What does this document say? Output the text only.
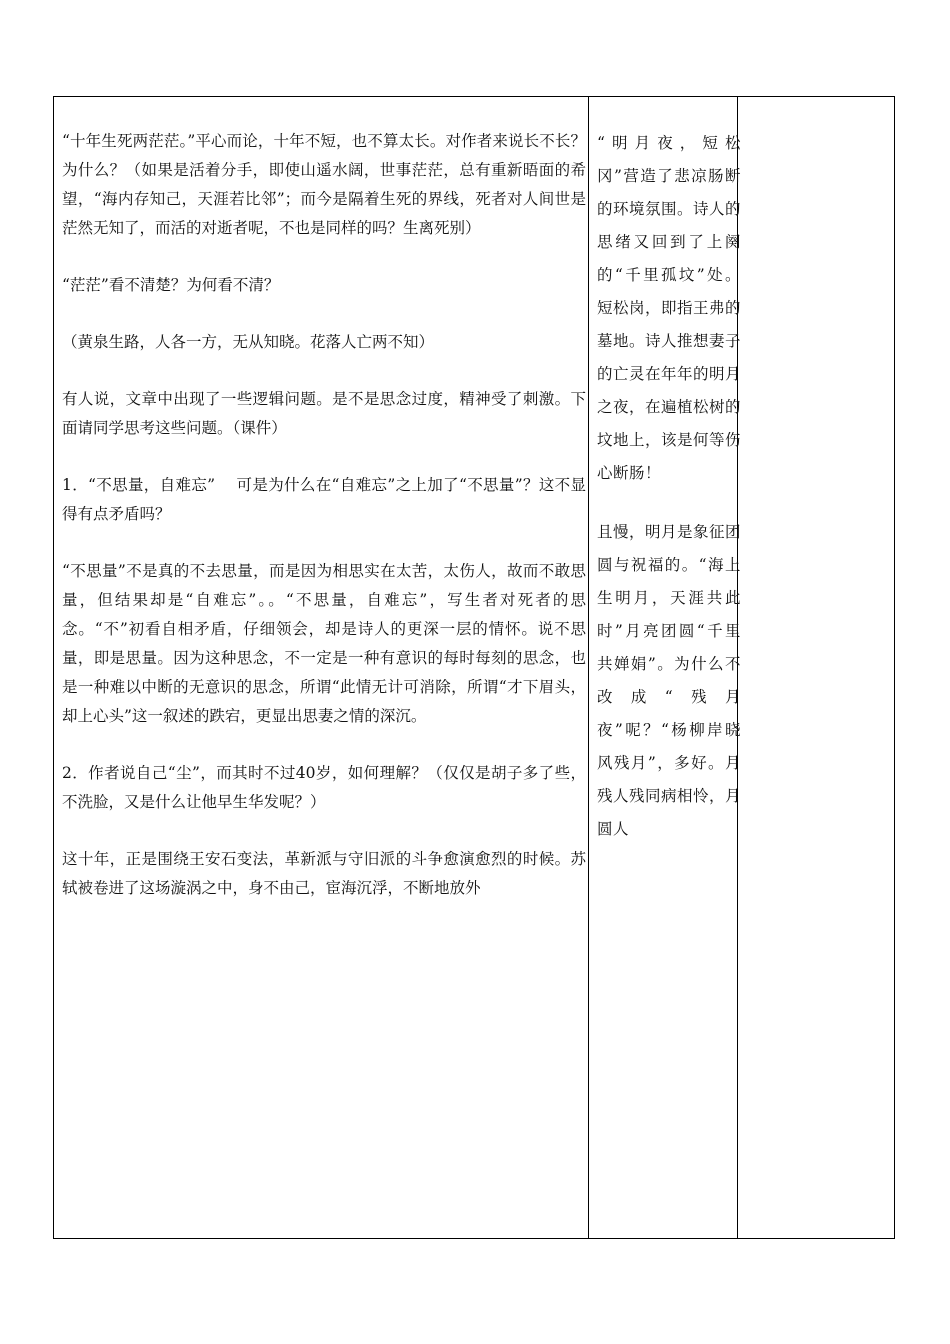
“十年生死两茫茫。”平心而论，十年不短，也不算太长。对作者来说长不长？为什么？（如果是活着分手，即使山遥水阔，世事茫茫，总有重新晤面的希望，“海内存知己，天涯若比邻”；而今是隔着生死的界线，死者对人间世是茫然无知了，而活的对逝者呢，不也是同样的吗？生离死别）

“茫茫”看不清楚？为何看不清？

（黄泉生路，人各一方，无从知晓。花落人亡两不知）

有人说，文章中出现了一些逻辑问题。是不是思念过度，精神受了刺激。下面请同学思考这些问题。（课件）

1．“不思量，自难忘”　 可是为什么在“自难忘”之上加了“不思量”？这不显得有点矛盾吗？

“不思量”不是真的不去思量，而是因为相思实在太苦，太伤人，故而不敢思量，但结果却是“自难忘”。。“不思量，自难忘”，写生者对死者的思念。“不”初看自相矛盾，仔细领会，却是诗人的更深一层的情怀。说不思量，即是思量。因为这种思念，不一定是一种有意识的每时每刻的思念，也是一种难以中断的无意识的思念，所谓“此情无计可消除，所谓“才下眉头，却上心头”这一叙述的跌宕，更显出思妻之情的深沉。

2．作者说自己“尘”，而其时不过40岁，如何理解？（仅仅是胡子多了些，不洗脸，又是什么让他早生华发呢？）

这十年，正是围绕王安石变法，革新派与守旧派的斗争愈演愈烈的时候。苏轼被卷进了这场漩涡之中，身不由己，宦海沉浮，不断地放外

“明月夜，短松冈”营造了悲凉肠断的环境氛围。诗人的思绪又回到了上阕的“千里孤坟”处。短松岗，即指王弗的墓地。诗人推想妻子的亡灵在年年的明月之夜，在遍植松树的坟地上，该是何等伤心断肠！

且慢，明月是象征团圆与祝福的。“海上生明月，天涯共此时”月亮团圆“千里共婵娟”。为什么不改成“残月夜”呢？“杨柳岸晓风残月”，多好。月残人残同病相怜，月圆人
